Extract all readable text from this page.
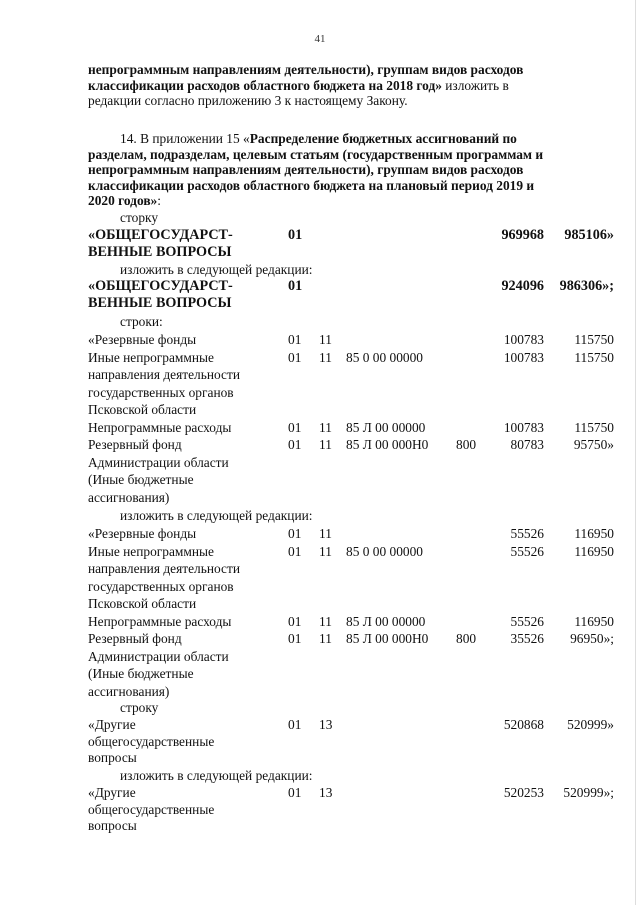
41
непрограммным направлениям деятельности), группам видов расходов
классификации расходов областного бюджета на 2018 год» изложить в
редакции согласно приложению 3 к настоящему Закону.
14. В приложении 15 «Распределение бюджетных ассигнований по
разделам, подразделам, целевым статьям (государственным программам и
непрограммным направлениям деятельности), группам видов расходов
классификации расходов областного бюджета на плановый период 2019 и
2020 годов»:
сторку
«ОБЩЕГОСУДАРСТ-	01	969968 985106»
ВЕННЫЕ ВОПРОСЫ
изложить в следующей редакции:
«ОБЩЕГОСУДАРСТ-	01	924096 986306»;
ВЕННЫЕ ВОПРОСЫ
строки:
«Резервные фонды	01 11	100783 115750
Иные непрограммные	01 11 85 0 00 00000	100783 115750
направления деятельности
государственных органов
Псковской области
Непрограммные расходы	01 11 85 Л 00 00000	100783 115750
Резервный фонд	01 11 85 Л 00 000Н0 800	80783 95750»
Администрации области
(Иные бюджетные
ассигнования)
изложить в следующей редакции:
«Резервные фонды	01 11	55526 116950
Иные непрограммные	01 11 85 0 00 00000	55526 116950
направления деятельности
государственных органов
Псковской области
Непрограммные расходы	01 11 85 Л 00 00000	55526 116950
Резервный фонд	01 11 85 Л 00 000Н0 800	35526 96950»;
Администрации области
(Иные бюджетные
ассигнования)
строку
«Другие	01 13	520868 520999»
общегосударственные
вопросы
изложить в следующей редакции:
«Другие	01 13	520253 520999»;
общегосударственные
вопросы
